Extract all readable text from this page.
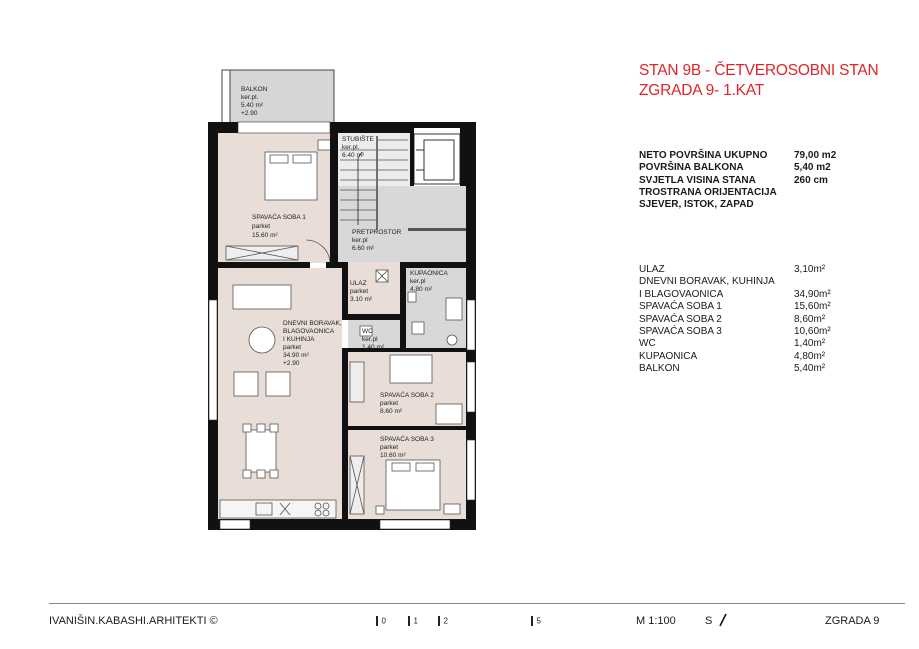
STAN 9B - ČETVEROSOBNI STAN
ZGRADA 9- 1.KAT
NETO POVRŠINA UKUPNO	79,00 m2
POVRŠINA BALKONA	5,40 m2
SVJETLA VISINA STANA	260 cm
TROSTRANA ORIJENTACIJA
SJEVER, ISTOK, ZAPAD
ULAZ	3,10m²
DNEVNI BORAVAK, KUHINJA
I BLAGOVAONICA	34,90m²
SPAVAĆA SOBA 1	15,60m²
SPAVAĆA SOBA 2	8,60m²
SPAVAĆA SOBA 3	10,60m²
WC	1,40m²
KUPAONICA	4,80m²
BALKON	5,40m²
BALKON
ker.pl.
5.40 m²
+2.90
STUBIŠTE
ker.pl.
6.40 m²
SPAVAĆA SOBA 1
parket
15.60 m²	PRETPROSTOR
ker.pl
6.60 m²
ULAZ
parket
3.10 m²
KUPAONICA
ker.pl
4.80 m²
DNEVNI BORAVAK,
BLAGOVAONICA
I KUHINJA
parket
34.90 m²
+2.90
WC
ker.pl
1.40 m²
SPAVAĆA SOBA 2
parket
8.60 m²
SPAVAĆA SOBA 3
parket
10.60 m²
IVANIŠIN.KABASHI.ARHITEKTI ©	0	1	2	5	M 1:100	S	ZGRADA 9
